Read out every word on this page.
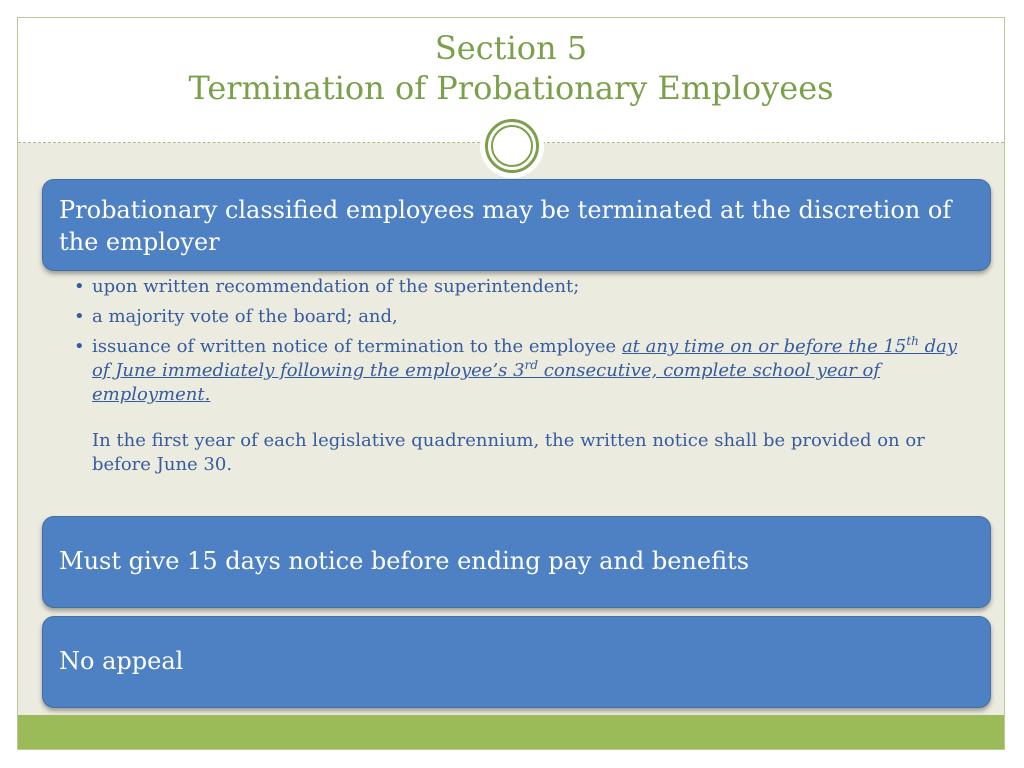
Section 5

Termination of Probationary Employees

Probationary classified employees may be terminated at the discretion of the employer
• upon written recommendation of the superintendent;
• a majority vote of the board; and,
• issuance of written notice of termination to the employee at any time on or before the 15th day of June immediately following the employee’s 3rd consecutive, complete school year of employment.
In the first year of each legislative quadrennium, the written notice shall be provided on or before June 30.
Must give 15 days notice before ending pay and benefits
No appeal
